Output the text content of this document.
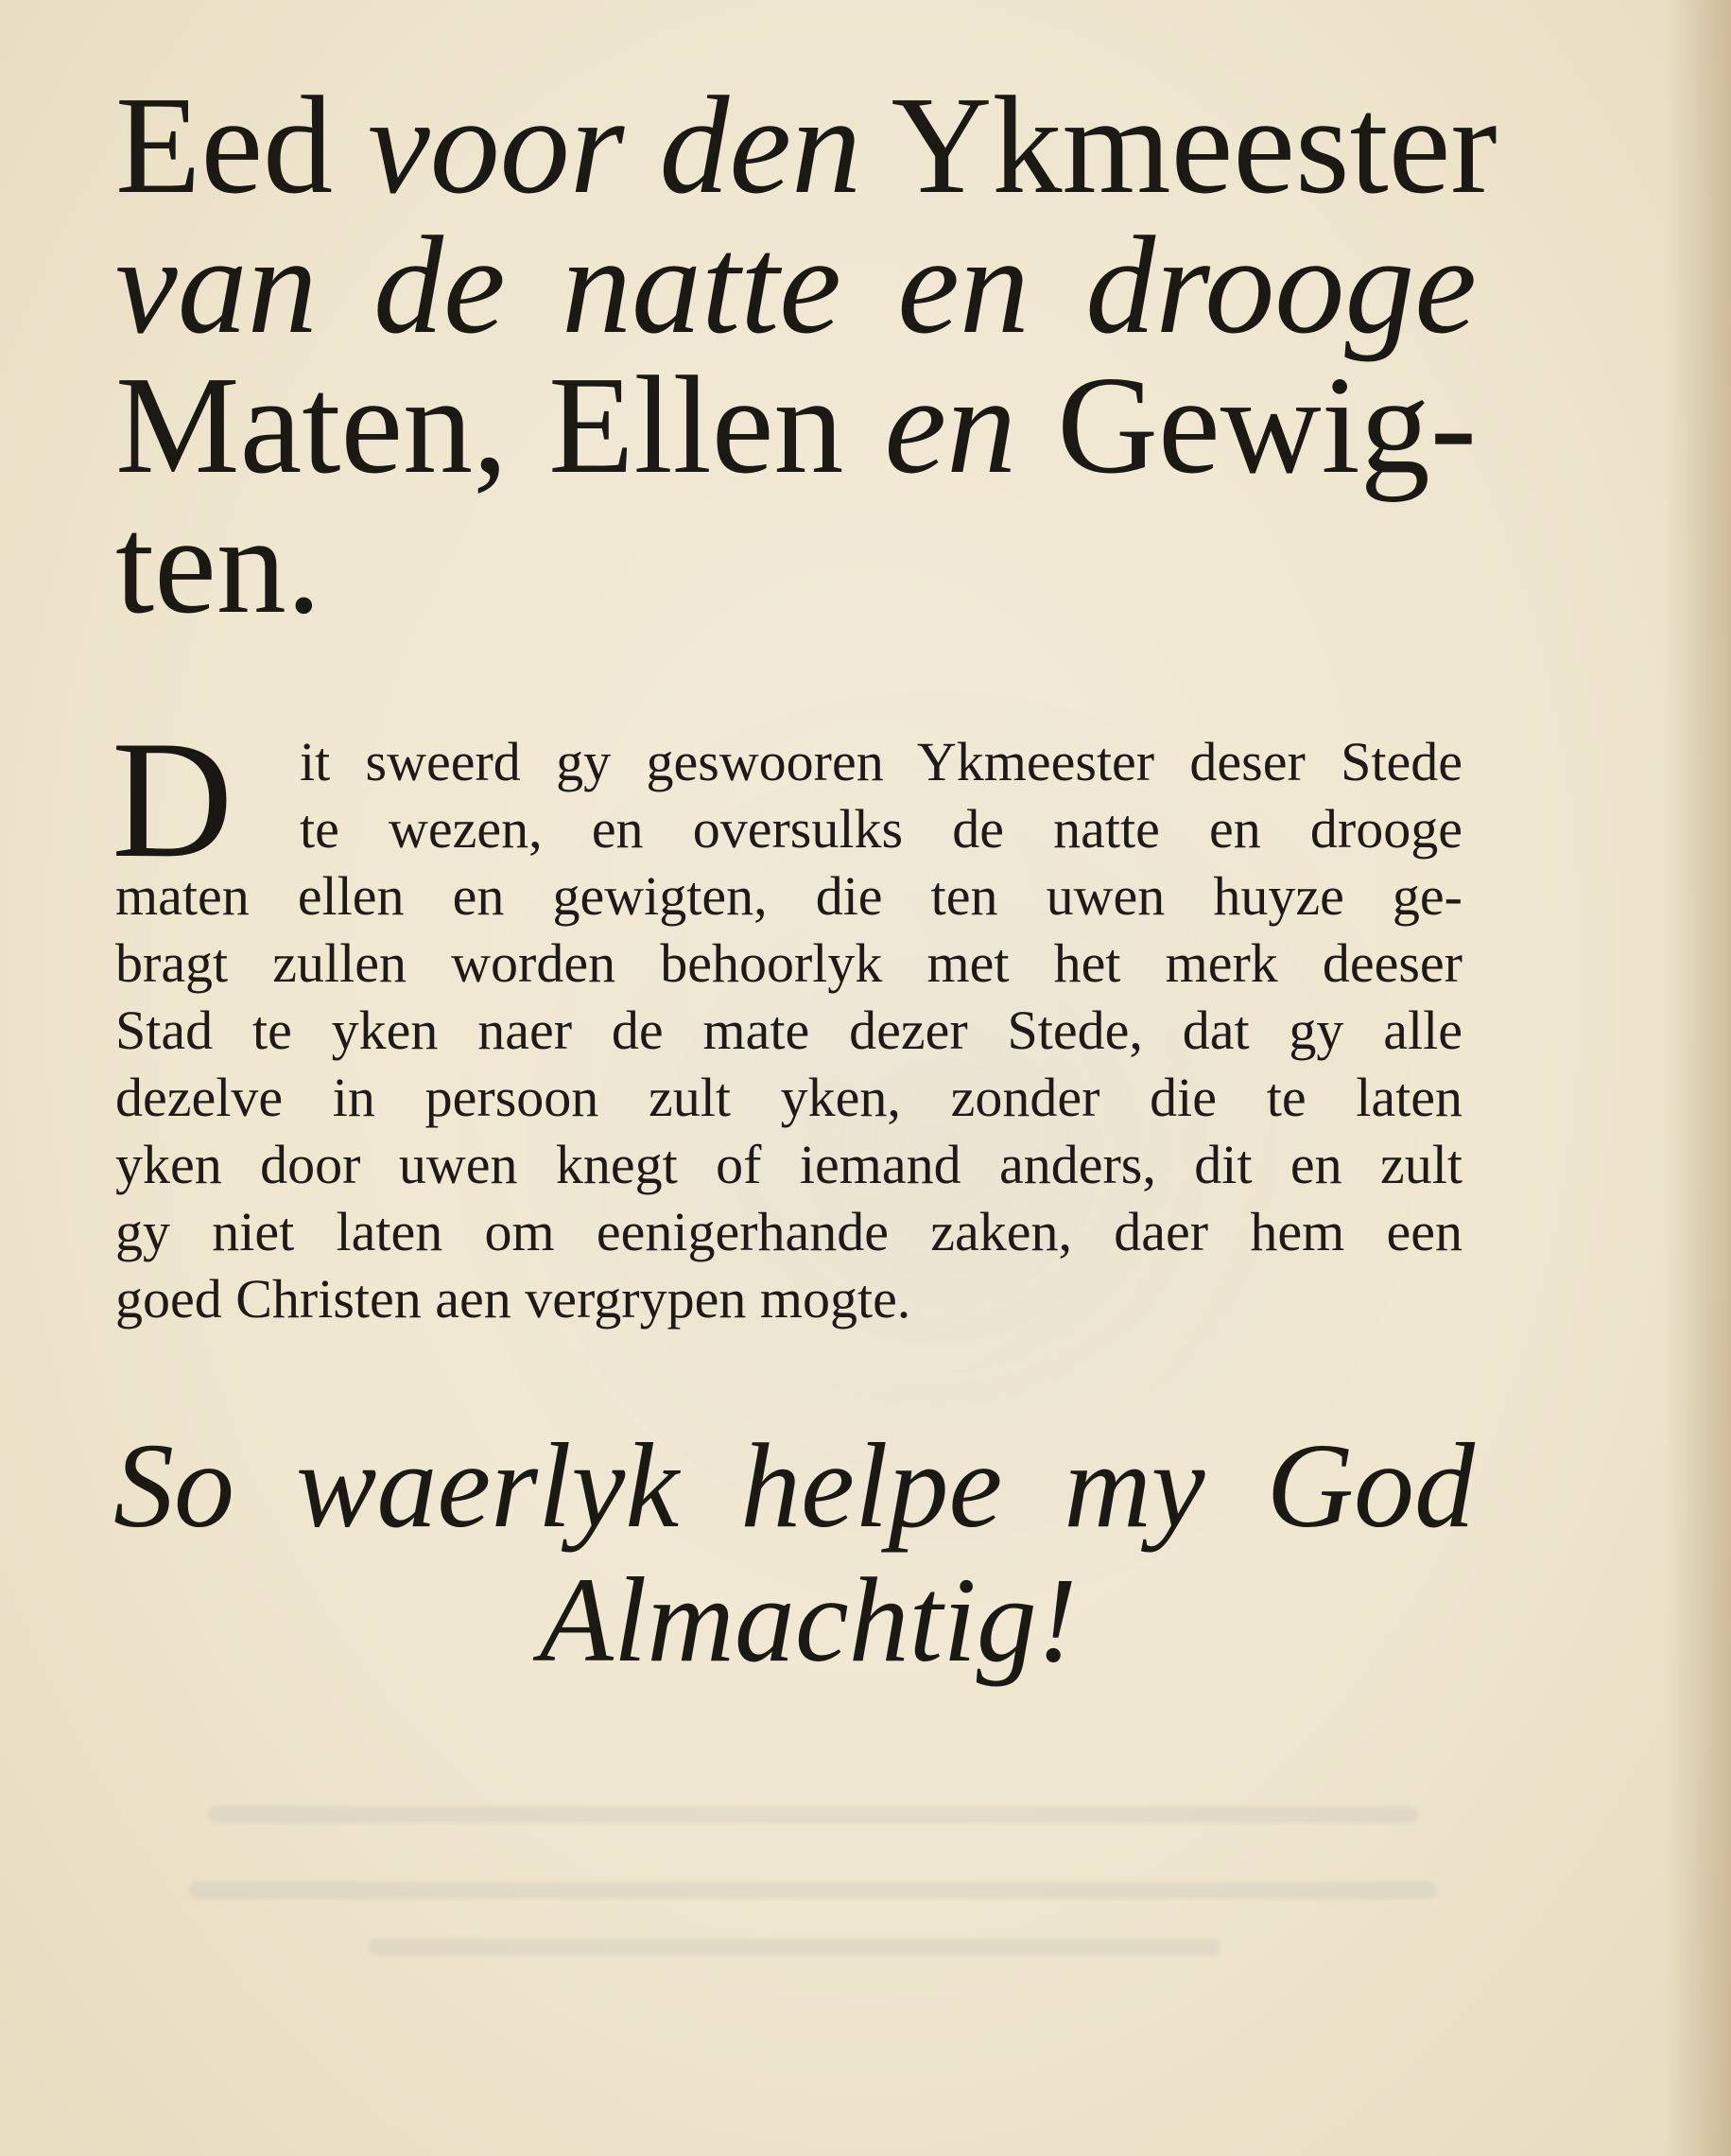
Eed voor den Ykmeester
van de natte en drooge
Maten, Ellen en Gewig-
ten.
D	it sweerd gy geswooren Ykmeester deser Stede
te wezen, en oversulks de natte en drooge
maten ellen en gewigten, die ten uwen huyze ge-
bragt zullen worden behoorlyk met het merk deeser
Stad te yken naer de mate dezer Stede, dat gy alle
dezelve in persoon zult yken, zonder die te laten
yken door uwen knegt of iemand anders, dit en zult
gy niet laten om eenigerhande zaken, daer hem een
goed Christen aen vergrypen mogte.
So waerlyk helpe my God
Almachtig!
